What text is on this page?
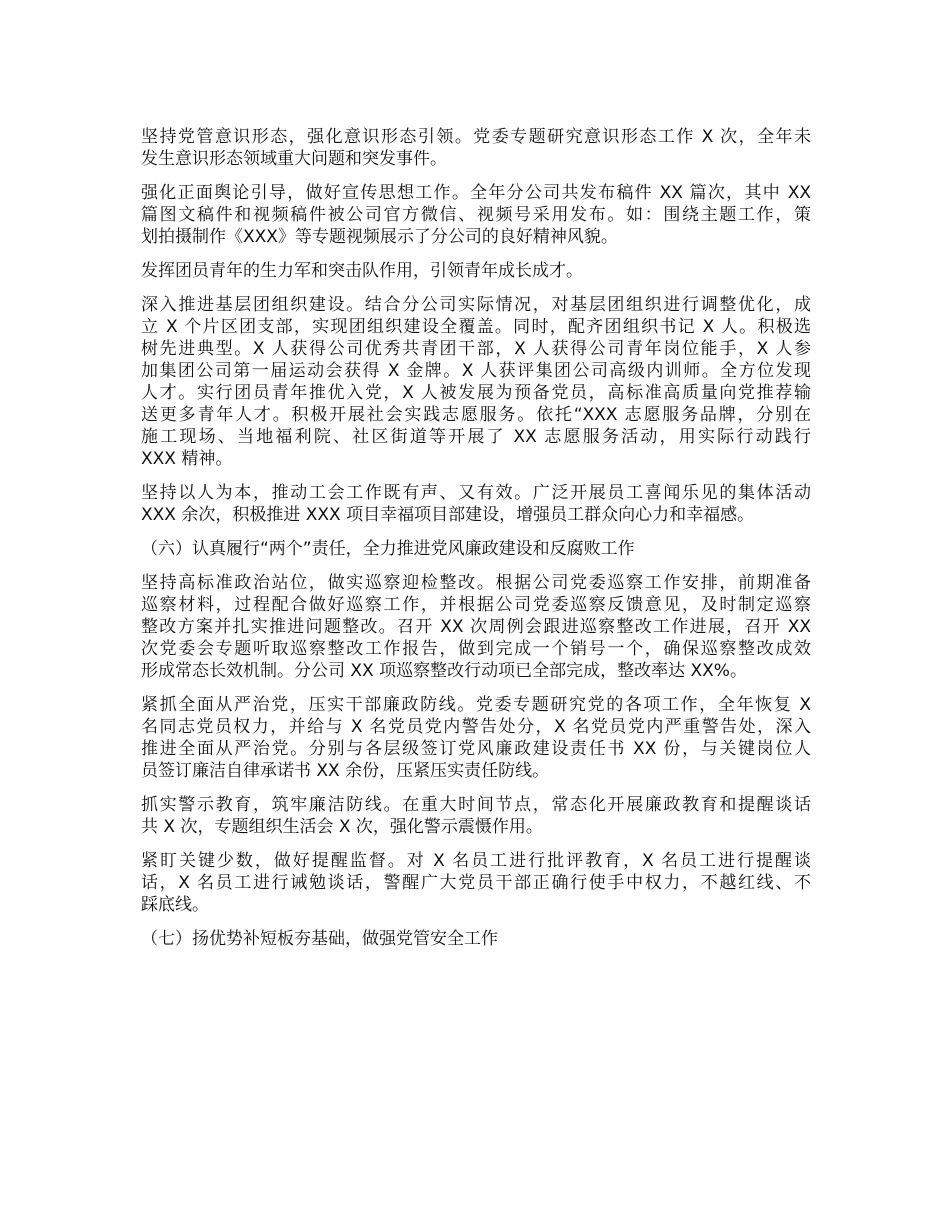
坚持党管意识形态，强化意识形态引领。党委专题研究意识形态工作 X 次，全年未
发生意识形态领域重大问题和突发事件。
强化正面舆论引导，做好宣传思想工作。全年分公司共发布稿件 XX 篇次，其中 XX
篇图文稿件和视频稿件被公司官方微信、视频号采用发布。如：围绕主题工作，策
划拍摄制作《XXX》等专题视频展示了分公司的良好精神风貌。
发挥团员青年的生力军和突击队作用，引领青年成长成才。
深入推进基层团组织建设。结合分公司实际情况，对基层团组织进行调整优化，成
立 X 个片区团支部，实现团组织建设全覆盖。同时，配齐团组织书记 X 人。积极选
树先进典型。X 人获得公司优秀共青团干部，X 人获得公司青年岗位能手，X 人参
加集团公司第一届运动会获得 X 金牌。X 人获评集团公司高级内训师。全方位发现
人才。实行团员青年推优入党，X 人被发展为预备党员，高标准高质量向党推荐输
送更多青年人才。积极开展社会实践志愿服务。依托“XXX 志愿服务品牌，分别在
施工现场、当地福利院、社区街道等开展了 XX 志愿服务活动，用实际行动践行
XXX 精神。
坚持以人为本，推动工会工作既有声、又有效。广泛开展员工喜闻乐见的集体活动
XXX 余次，积极推进 XXX 项目幸福项目部建设，增强员工群众向心力和幸福感。
（六）认真履行“两个”责任，全力推进党风廉政建设和反腐败工作
坚持高标准政治站位，做实巡察迎检整改。根据公司党委巡察工作安排，前期准备
巡察材料，过程配合做好巡察工作，并根据公司党委巡察反馈意见，及时制定巡察
整改方案并扎实推进问题整改。召开 XX 次周例会跟进巡察整改工作进展，召开 XX
次党委会专题听取巡察整改工作报告，做到完成一个销号一个，确保巡察整改成效
形成常态长效机制。分公司 XX 项巡察整改行动项已全部完成，整改率达 XX%。
紧抓全面从严治党，压实干部廉政防线。党委专题研究党的各项工作，全年恢复 X
名同志党员权力，并给与 X 名党员党内警告处分，X 名党员党内严重警告处，深入
推进全面从严治党。分别与各层级签订党风廉政建设责任书 XX 份，与关键岗位人
员签订廉洁自律承诺书 XX 余份，压紧压实责任防线。
抓实警示教育，筑牢廉洁防线。在重大时间节点，常态化开展廉政教育和提醒谈话
共 X 次，专题组织生活会 X 次，强化警示震慑作用。
紧盯关键少数，做好提醒监督。对 X 名员工进行批评教育，X 名员工进行提醒谈
话，X 名员工进行诫勉谈话，警醒广大党员干部正确行使手中权力，不越红线、不
踩底线。
（七）扬优势补短板夯基础，做强党管安全工作
